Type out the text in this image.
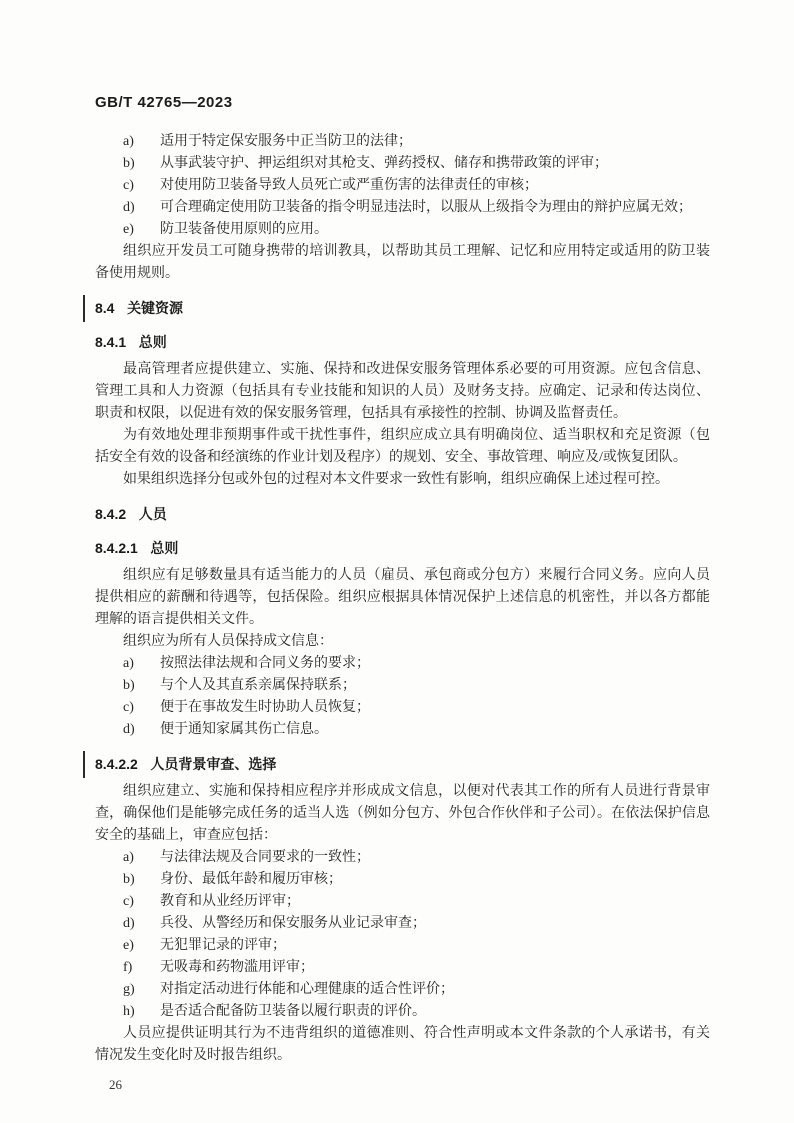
GB/T 42765—2023
a)	适用于特定保安服务中正当防卫的法律；
b)	从事武装守护、押运组织对其枪支、弹药授权、储存和携带政策的评审；
c)	对使用防卫装备导致人员死亡或严重伤害的法律责任的审核；
d)	可合理确定使用防卫装备的指令明显违法时，以服从上级指令为理由的辩护应属无效；
e)	防卫装备使用原则的应用。

组织应开发员工可随身携带的培训教具，以帮助其员工理解、记忆和应用特定或适用的防卫装备使用规则。

8.4 关键资源
8.4.1 总则

最高管理者应提供建立、实施、保持和改进保安服务管理体系必要的可用资源。应包含信息、管理工具和人力资源（包括具有专业技能和知识的人员）及财务支持。应确定、记录和传达岗位、职责和权限，以促进有效的保安服务管理，包括具有承接性的控制、协调及监督责任。

为有效地处理非预期事件或干扰性事件，组织应成立具有明确岗位、适当职权和充足资源（包括安全有效的设备和经演练的作业计划及程序）的规划、安全、事故管理、响应及/或恢复团队。

如果组织选择分包或外包的过程对本文件要求一致性有影响，组织应确保上述过程可控。

8.4.2 人员
8.4.2.1 总则

组织应有足够数量具有适当能力的人员（雇员、承包商或分包方）来履行合同义务。应向人员提供相应的薪酬和待遇等，包括保险。组织应根据具体情况保护上述信息的机密性，并以各方都能理解的语言提供相关文件。

组织应为所有人员保持成文信息：

a)	按照法律法规和合同义务的要求；
b)	与个人及其直系亲属保持联系；
c)	便于在事故发生时协助人员恢复；
d)	便于通知家属其伤亡信息。
8.4.2.2 人员背景审查、选择

组织应建立、实施和保持相应程序并形成成文信息，以便对代表其工作的所有人员进行背景审查，确保他们是能够完成任务的适当人选（例如分包方、外包合作伙伴和子公司）。在依法保护信息安全的基础上，审查应包括：

a)	与法律法规及合同要求的一致性；
b)	身份、最低年龄和履历审核；
c)	教育和从业经历评审；
d)	兵役、从警经历和保安服务从业记录审查；
e)	无犯罪记录的评审；
f)	无吸毒和药物滥用评审；
g)	对指定活动进行体能和心理健康的适合性评价；
h)	是否适合配备防卫装备以履行职责的评价。

人员应提供证明其行为不违背组织的道德准则、符合性声明或本文件条款的个人承诺书，有关情况发生变化时及时报告组织。

26
